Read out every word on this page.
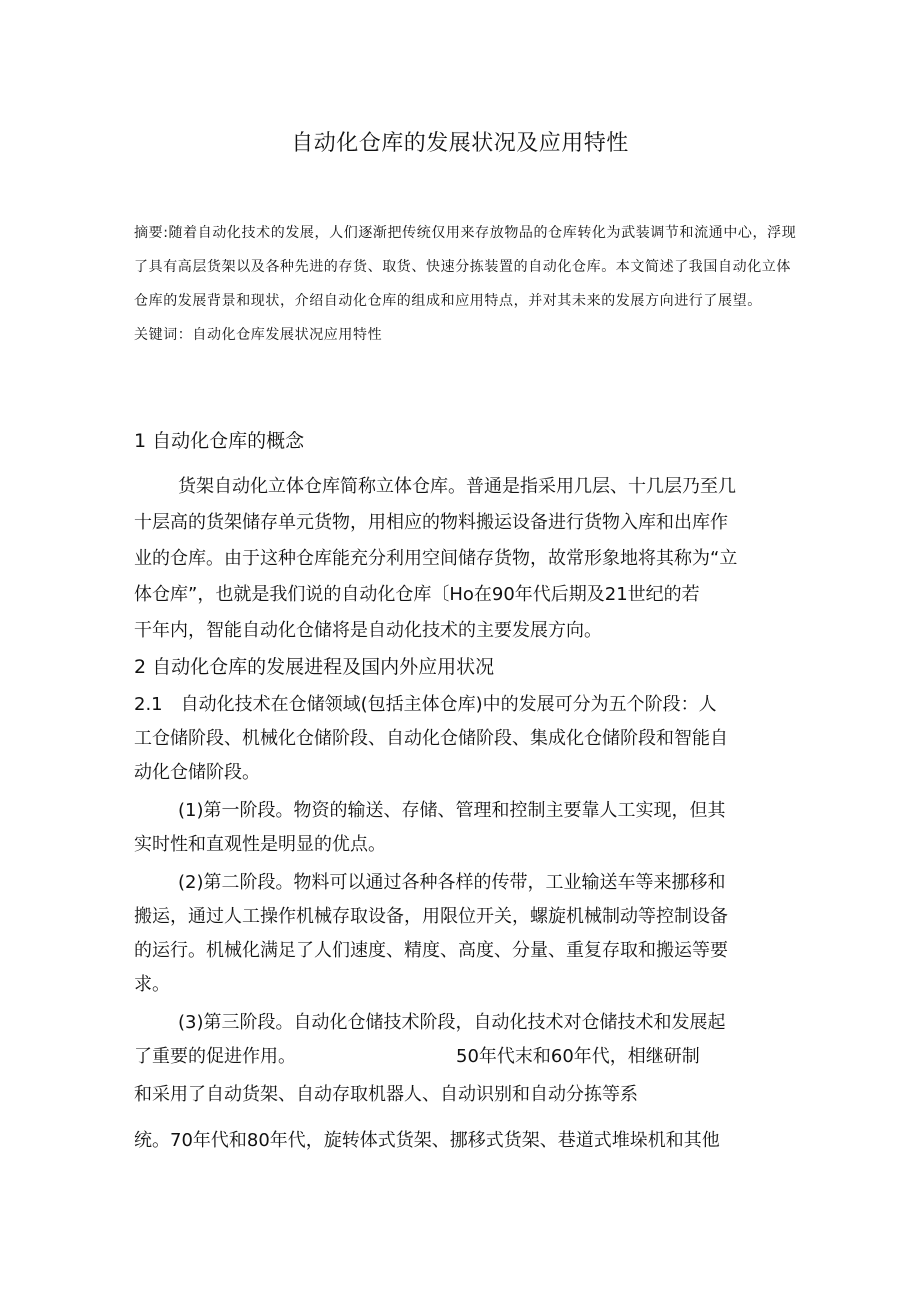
自动化仓库的发展状况及应用特性

摘要:随着自动化技术的发展，人们逐渐把传统仅用来存放物品的仓库转化为武装调节和流通中心，浮现了具有高层货架以及各种先进的存货、取货、快速分拣装置的自动化仓库。本文简述了我国自动化立体仓库的发展背景和现状，介绍自动化仓库的组成和应用特点，并对其未来的发展方向进行了展望。

关键词：自动化仓库发展状况应用特性

1 自动化仓库的概念
货架自动化立体仓库简称立体仓库。普通是指采用几层、十几层乃至几
十层高的货架储存单元货物，用相应的物料搬运设备进行货物入库和出库作
业的仓库。由于这种仓库能充分利用空间储存货物，故常形象地将其称为“立
体仓库”，也就是我们说的自动化仓库〔Ho在90年代后期及21世纪的若
干年内，智能自动化仓储将是自动化技术的主要发展方向。
2 自动化仓库的发展进程及国内外应用状况
2.1　自动化技术在仓储领域(包括主体仓库)中的发展可分为五个阶段：人
工仓储阶段、机械化仓储阶段、自动化仓储阶段、集成化仓储阶段和智能自
动化仓储阶段。
(1)第一阶段。物资的输送、存储、管理和控制主要靠人工实现，但其
实时性和直观性是明显的优点。
(2)第二阶段。物料可以通过各种各样的传带，工业输送车等来挪移和
搬运，通过人工操作机械存取设备，用限位开关，螺旋机械制动等控制设备
的运行。机械化满足了人们速度、精度、高度、分量、重复存取和搬运等要
求。
(3)第三阶段。自动化仓储技术阶段，自动化技术对仓储技术和发展起
了重要的促进作用。	50年代末和60年代，相继研制
和采用了自动货架、自动存取机器人、自动识别和自动分拣等系
统。70年代和80年代，旋转体式货架、挪移式货架、巷道式堆垛机和其他
